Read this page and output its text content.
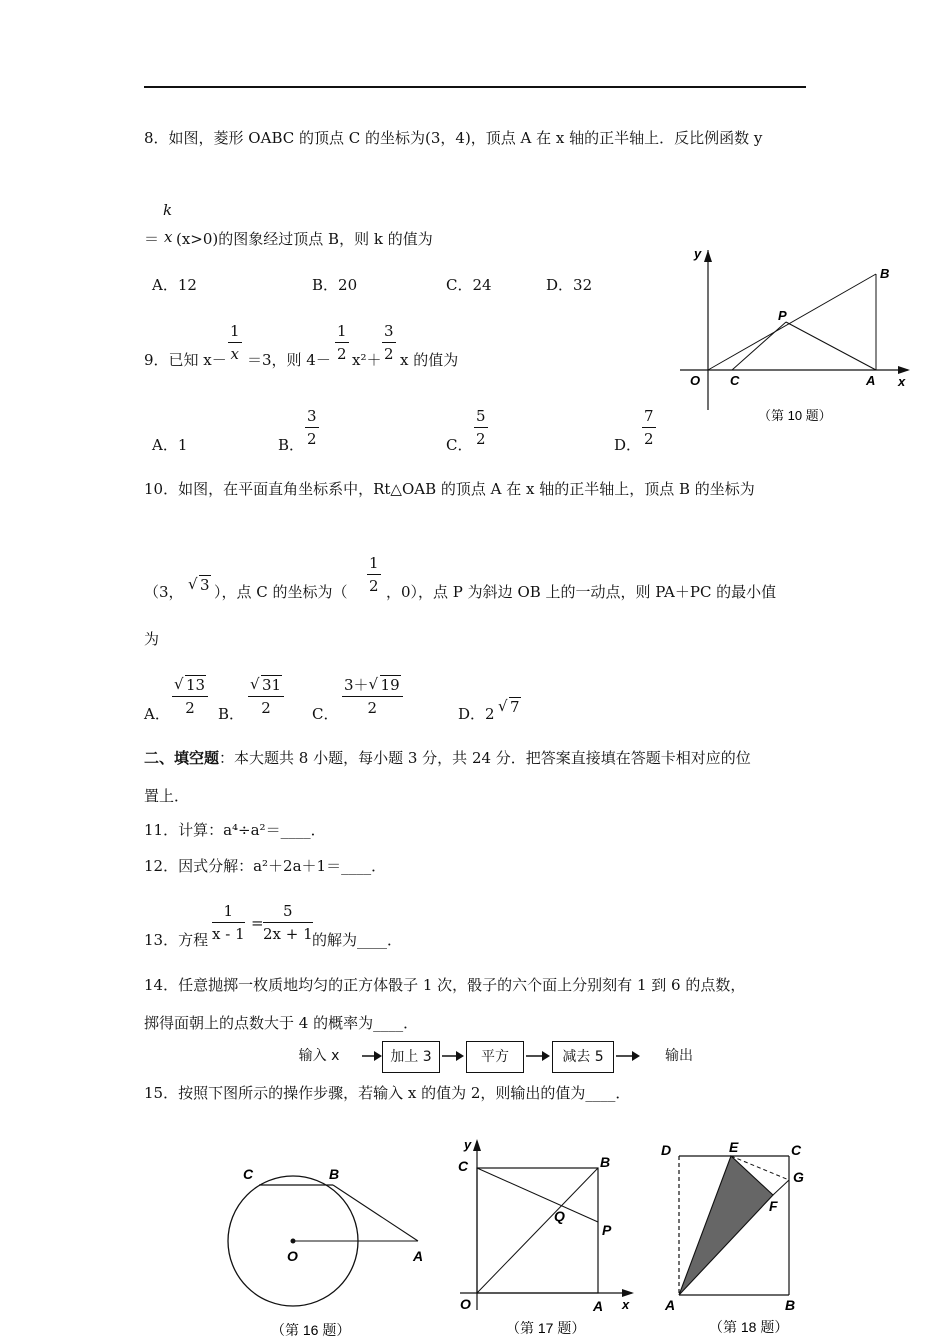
8．如图，菱形 OABC 的顶点 C 的坐标为(3，4)，顶点 A 在 x 轴的正半轴上．反比例函数 y
k
＝ x (x>0)的图象经过顶点 B，则 k 的值为
A．12	B．20	C．24	D．32
9．已知 $x- \frac{1}{x} =3$，则 $4- \frac{1}{2} x^2+ \frac{3}{2}$ x 的值为
A．1	B． $\frac{3}{2}$	C． $\frac{5}{2}$	D． $\frac{7}{2}$
y
B
P
O C	A x
（第 10 题）
10．如图，在平面直角坐标系中，Rt△OAB 的顶点 A 在 x 轴的正半轴上，顶点 B 的坐标为
（3，	√ 3 ），点 C 的坐标为（ $\frac{1}{2}$ ，0），点 P 为斜边 OB 上的一动点，则 PA＋PC 的最小值
为
A． √ $\frac{13}{2}$ B． √ $\frac{31}{2}$ C． $\frac{3+ √ 19}{2}$	D．2	√ 7
二、填空题：本大题共 8 小题，每小题 3 分，共 24 分．把答案直接填在答题卡相对应的位
置上．
11．计算：a⁴÷a²＝____．
12．因式分解：a²＋2a＋1＝____．
13．方程 $\frac{1}{x - 1} = \frac{5}{2x + 1}$ 的解为____．
14．任意抛掷一枚质地均匀的正方体骰子 1 次，骰子的六个面上分别刻有 1 到 6 的点数，
掷得面朝上的点数大于 4 的概率为____．
输入 x	加上 3	平方	减去 5	输出
15．按照下图所示的操作步骤，若输入 x 的值为 2，则输出的值为____．
C	B
O	A
（第 16 题）
y
C	B
Q
P
O	A x
（第 17 题）
D	E	C
G
F
A	B
（第 18 题）
